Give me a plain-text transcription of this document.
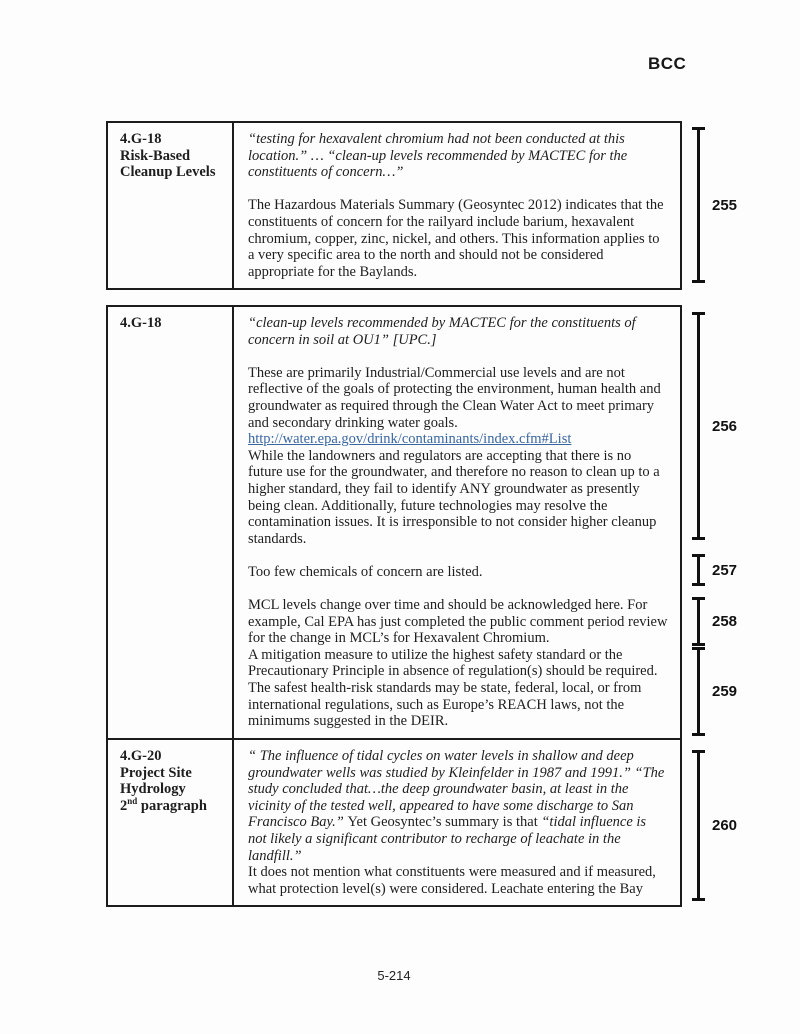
BCC
4.G-18
Risk-Based
Cleanup Levels
“testing for hexavalent chromium had not been conducted at this location.” … “clean-up levels recommended by MACTEC for the constituents of concern…”
The Hazardous Materials Summary (Geosyntec 2012) indicates that the constituents of concern for the railyard include barium, hexavalent chromium, copper, zinc, nickel, and others. This information applies to a very specific area to the north and should not be considered appropriate for the Baylands.
4.G-18	“clean-up levels recommended by MACTEC for the constituents of concern in soil at OU1” [UPC.]
These are primarily Industrial/Commercial use levels and are not reflective of the goals of protecting the environment, human health and groundwater as required through the Clean Water Act to meet primary and secondary drinking water goals.
http://water.epa.gov/drink/contaminants/index.cfm#List
While the landowners and regulators are accepting that there is no future use for the groundwater, and therefore no reason to clean up to a higher standard, they fail to identify ANY groundwater as presently being clean. Additionally, future technologies may resolve the contamination issues. It is irresponsible to not consider higher cleanup standards.
Too few chemicals of concern are listed.
MCL levels change over time and should be acknowledged here. For example, Cal EPA has just completed the public comment period review for the change in MCL’s for Hexavalent Chromium.
A mitigation measure to utilize the highest safety standard or the Precautionary Principle in absence of regulation(s) should be required. The safest health-risk standards may be state, federal, local, or from international regulations, such as Europe’s REACH laws, not the minimums suggested in the DEIR.
4.G-20
Project Site
Hydrology
2nd paragraph
“ The influence of tidal cycles on water levels in shallow and deep groundwater wells was studied by Kleinfelder in 1987 and 1991.” “The study concluded that…the deep groundwater basin, at least in the vicinity of the tested well, appeared to have some discharge to San Francisco Bay.” Yet Geosyntec’s summary is that “tidal influence is not likely a significant contributor to recharge of leachate in the landfill.”
It does not mention what constituents were measured and if measured, what protection level(s) were considered. Leachate entering the Bay
255
256
257
258
259
260
5-214
